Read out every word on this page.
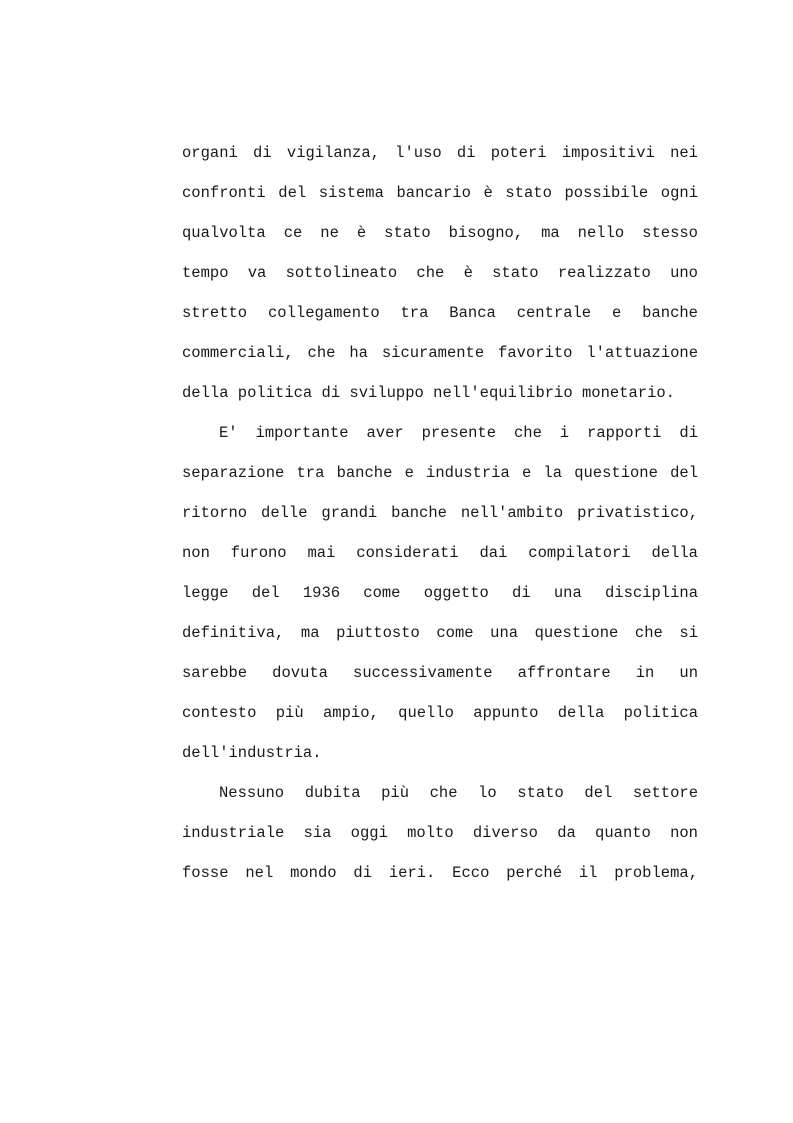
organi di vigilanza, l'uso di poteri impositivi nei
confronti del sistema bancario è stato possibile ogni
qualvolta ce ne è stato bisogno, ma nello stesso
tempo va sottolineato che è stato realizzato uno
stretto collegamento tra Banca centrale e banche
commerciali, che ha sicuramente favorito l'attuazione
della politica di sviluppo nell'equilibrio monetario.
E' importante aver presente che i rapporti di
separazione tra banche e industria e la questione del
ritorno delle grandi banche nell'ambito privatistico,
non furono mai considerati dai compilatori della
legge del 1936 come oggetto di una disciplina
definitiva, ma piuttosto come una questione che si
sarebbe dovuta successivamente affrontare in un
contesto più ampio, quello appunto della politica
dell'industria.
Nessuno dubita più che lo stato del settore
industriale sia oggi molto diverso da quanto non
fosse nel mondo di ieri. Ecco perché il problema,
